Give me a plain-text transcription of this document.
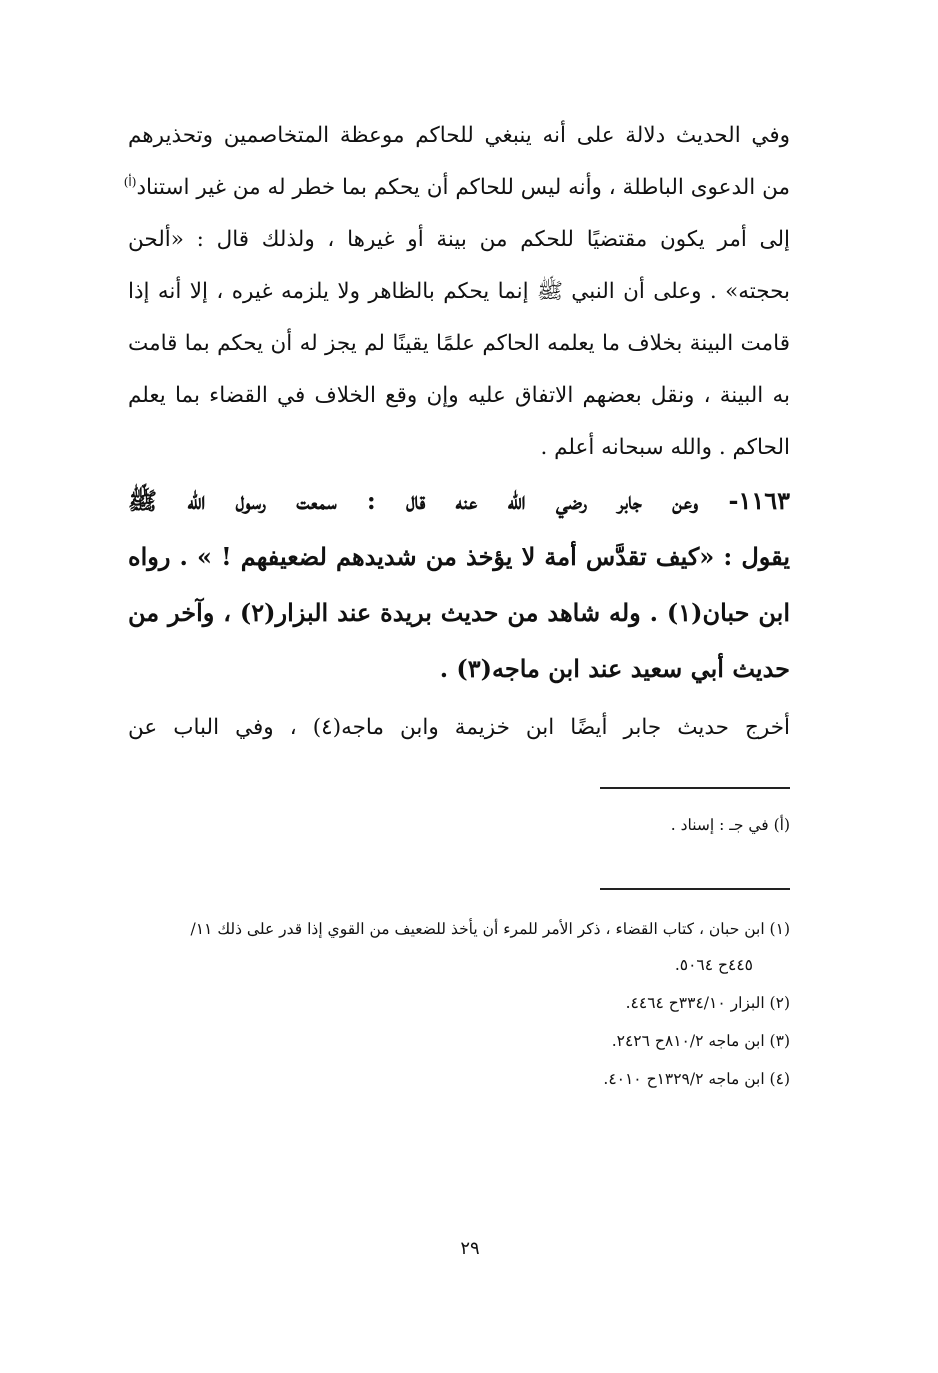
وفي الحديث دلالة على أنه ينبغي للحاكم موعظة المتخاصمين وتحذيرهم
من الدعوى الباطلة ، وأنه ليس للحاكم أن يحكم بما خطر له من غير استناد$^{(أ)}$
إلى أمر يكون مقتضيًا للحكم من بينة أو غيرها ، ولذلك قال : «ألحن
بحجته» . وعلى أن النبي ﷺ إنما يحكم بالظاهر ولا يلزمه غيره ، إلا أنه إذا
قامت البينة بخلاف ما يعلمه الحاكم علمًا يقينًا لم يجز له أن يحكم بما قامت
به البينة ، ونقل بعضهم الاتفاق عليه وإن وقع الخلاف في القضاء بما يعلم
الحاكم . والله سبحانه أعلم .
١١٦٣- وعن جابر رضي الله عنه قال : سمعت رسول الله ﷺ
يقول : «كيف تقدَّس أمة لا يؤخذ من شديدهم لضعيفهم ! » . رواه
ابن حبان(١) . وله شاهد من حديث بريدة عند البزار(٢) ، وآخر من
حديث أبي سعيد عند ابن ماجه(٣) .
أخرج حديث جابر أيضًا ابن خزيمة وابن ماجه(٤) ، وفي الباب عن
(أ) في جـ : إسناد .
(١) ابن حبان ، كتاب القضاء ، ذكر الأمر للمرء أن يأخذ للضعيف من القوي إذا قدر على ذلك ١١/
٤٤٥ح ٥٠٦٤.
(٢) البزار ٣٣٤/١٠ح ٤٤٦٤.
(٣) ابن ماجه ٨١٠/٢ح ٢٤٢٦.
(٤) ابن ماجه ١٣٢٩/٢ح ٤٠١٠.
٢٩
